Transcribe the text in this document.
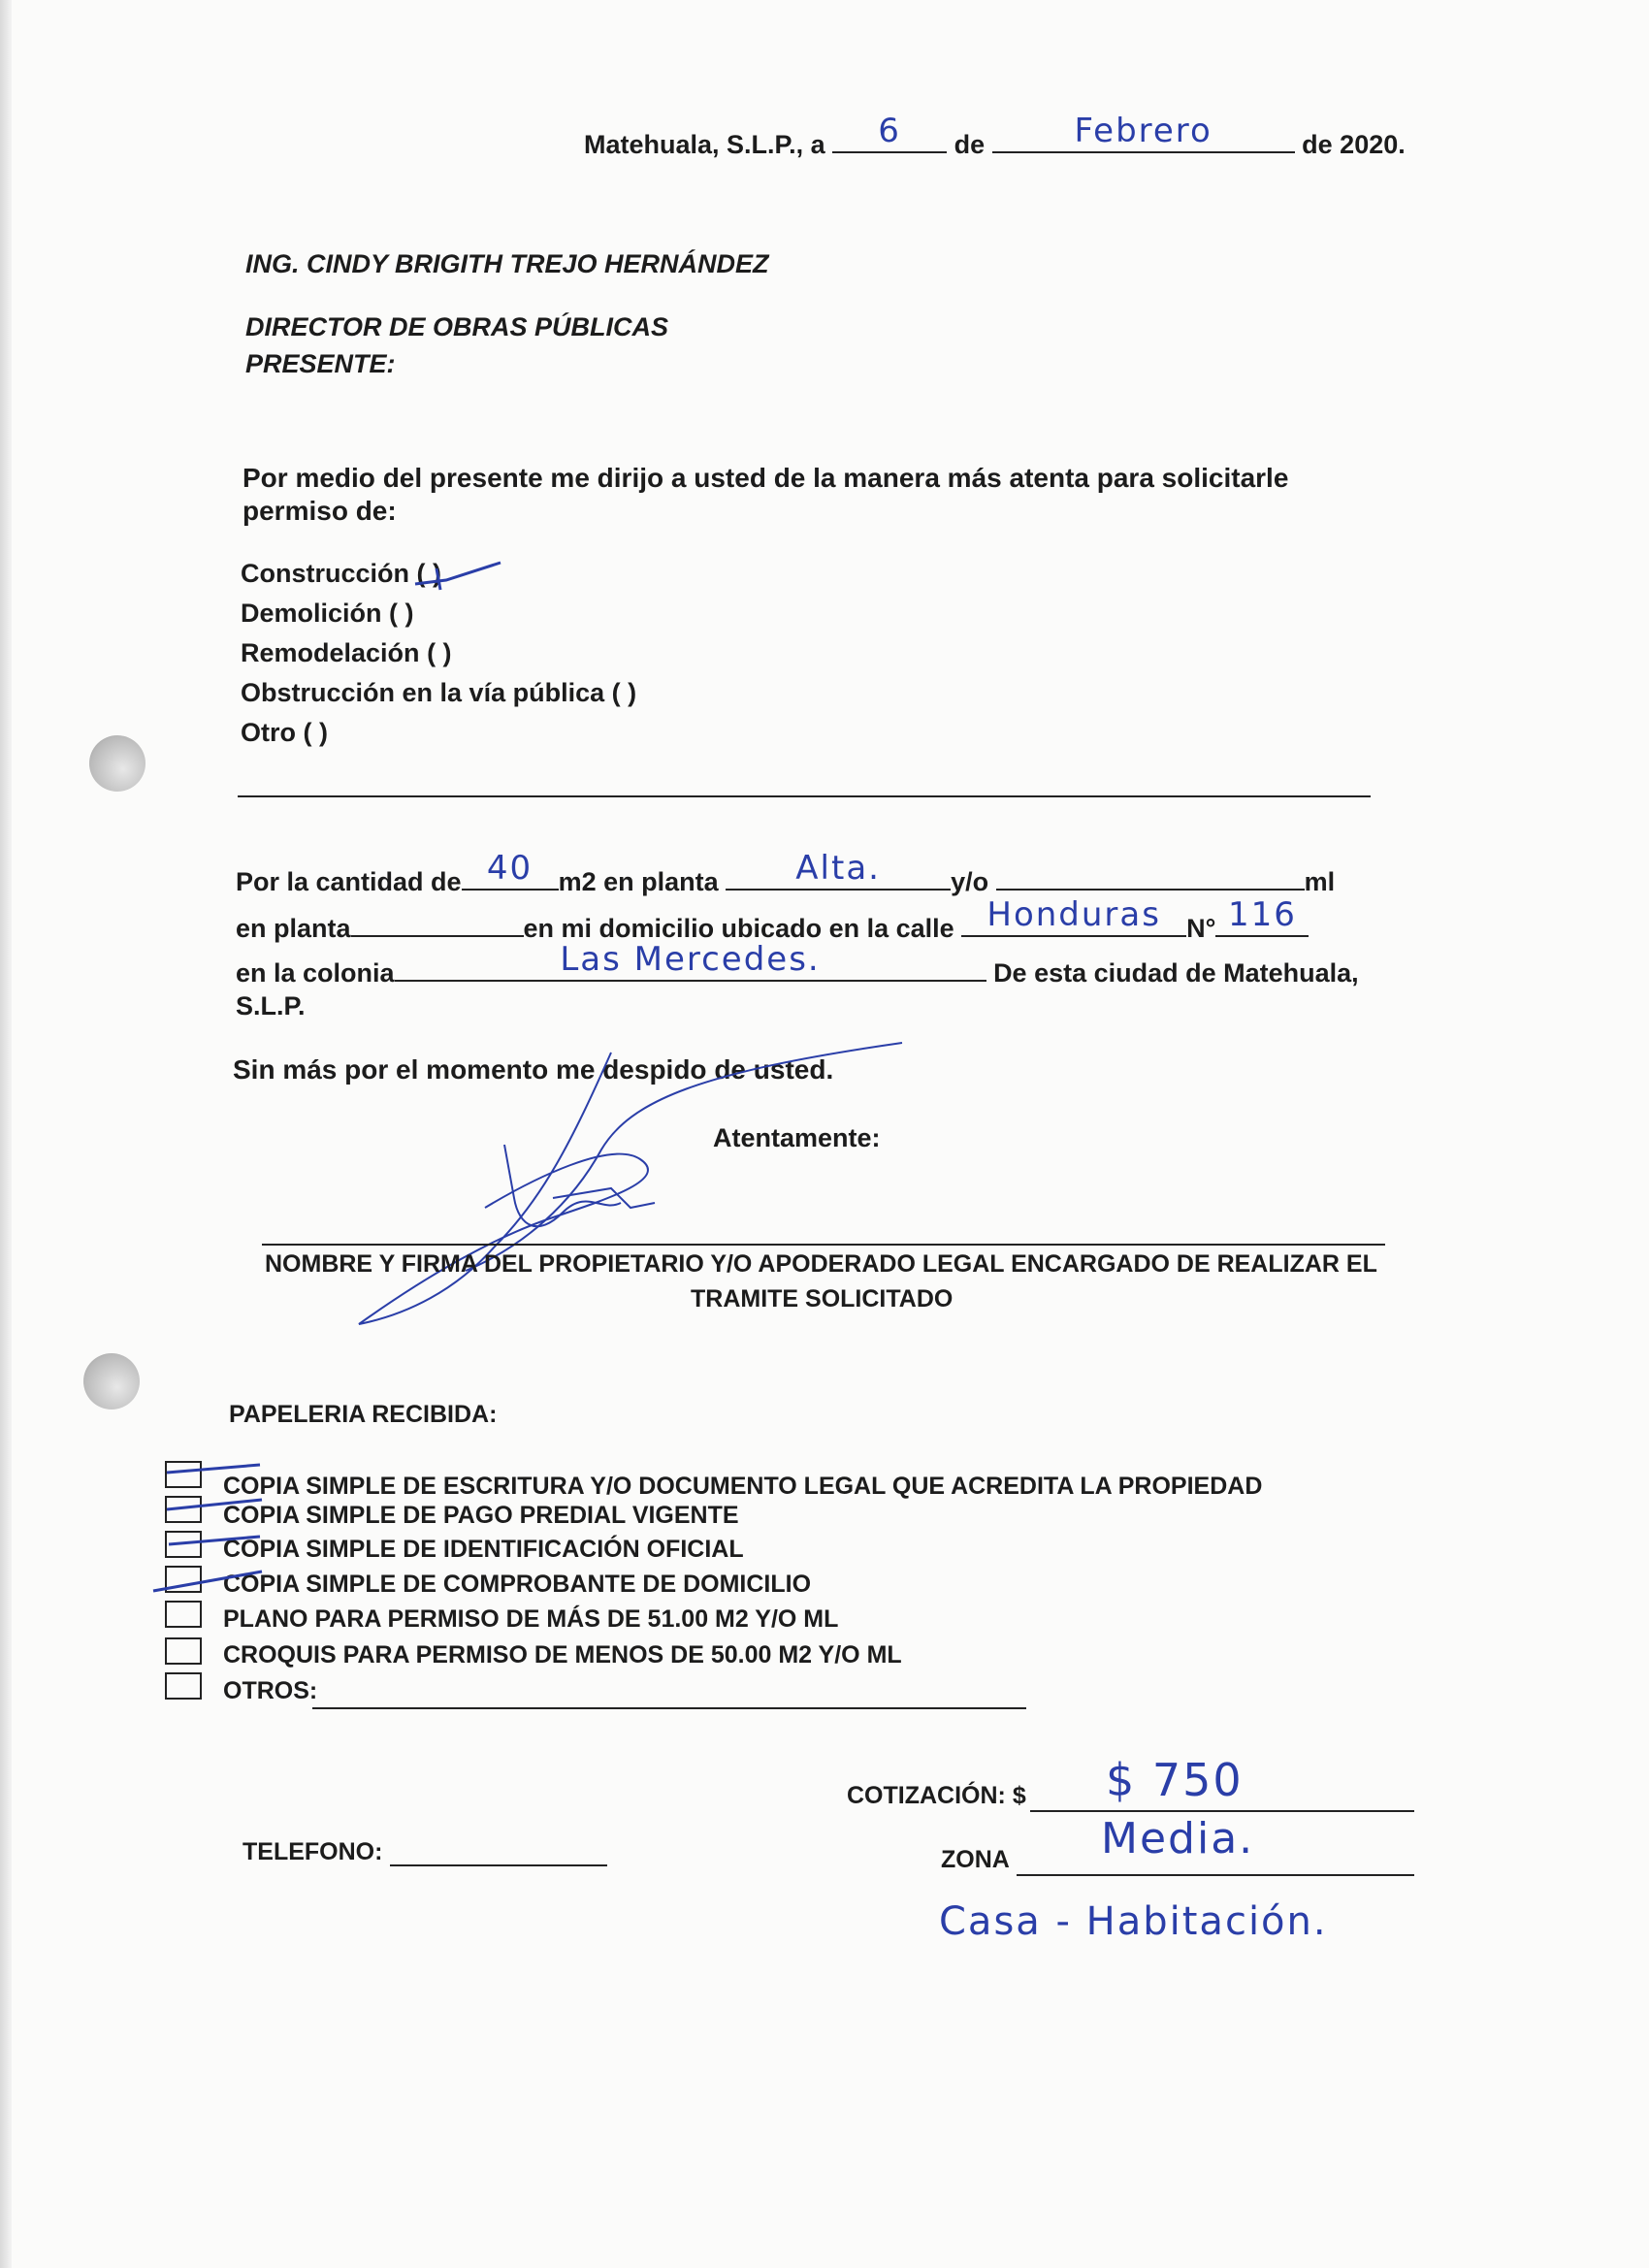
Matehuala, S.L.P., a	6	de	Febrero	de 2020.
ING. CINDY BRIGITH TREJO HERNÁNDEZ
DIRECTOR DE OBRAS PÚBLICAS
PRESENTE:
Por medio del presente me dirijo a usted de la manera más atenta para solicitarle
permiso de:
Construcción ( )
Demolición ( )
Remodelación ( )
Obstrucción en la vía pública ( )
Otro ( )
Por la cantidad de 40 m2 en planta	Alta.	y/o	ml
en planta	en mi domicilio ubicado en la calle Honduras N° 116
en la colonia	Las Mercedes.	De esta ciudad de Matehuala,
S.L.P.
Sin más por el momento me despido de usted.
Atentamente:
NOMBRE Y FIRMA DEL PROPIETARIO Y/O APODERADO LEGAL ENCARGADO DE REALIZAR EL
TRAMITE SOLICITADO
PAPELERIA RECIBIDA:
COPIA SIMPLE DE ESCRITURA Y/O DOCUMENTO LEGAL QUE ACREDITA LA PROPIEDAD
COPIA SIMPLE DE PAGO PREDIAL VIGENTE
COPIA SIMPLE DE IDENTIFICACIÓN OFICIAL
COPIA SIMPLE DE COMPROBANTE DE DOMICILIO
PLANO PARA PERMISO DE MÁS DE 51.00 M2 Y/O ML
CROQUIS PARA PERMISO DE MENOS DE 50.00 M2 Y/O ML
OTROS:
COTIZACIÓN: $ $ 750
TELEFONO:	ZONA Media.
Casa - Habitación.
